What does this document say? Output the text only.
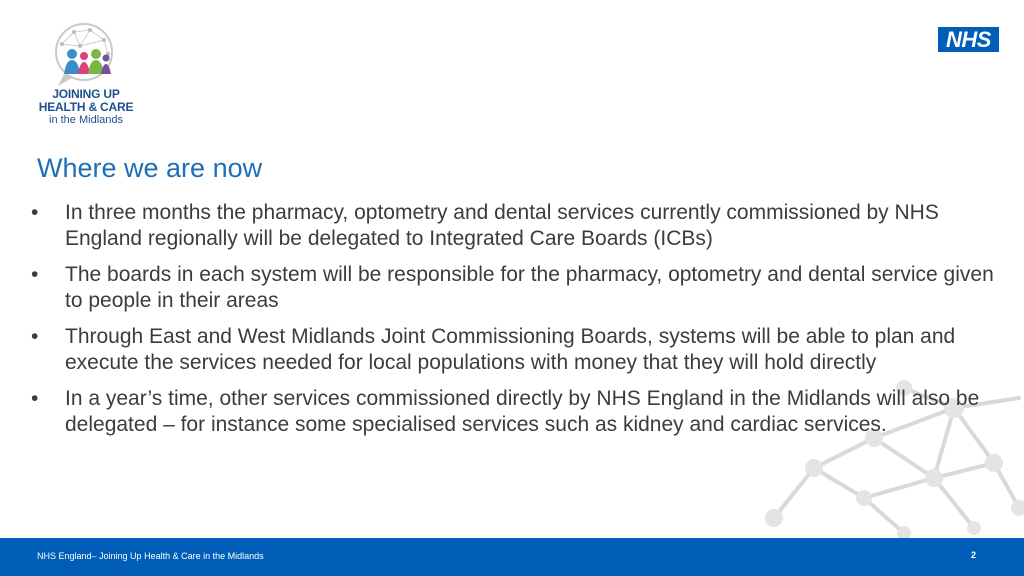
JOINING UP
HEALTH & CARE
in the Midlands
NHS
Where we are now
• In three months the pharmacy, optometry and dental services currently commissioned by NHS England regionally will be delegated to Integrated Care Boards (ICBs)
• The boards in each system will be responsible for the pharmacy, optometry and dental service given to people in their areas
• Through East and West Midlands Joint Commissioning Boards, systems will be able to plan and execute the services needed for local populations with money that they will hold directly
• In a year’s time, other services commissioned directly by NHS England in the Midlands will also be delegated – for instance some specialised services such as kidney and cardiac services.
NHS England– Joining Up Health & Care in the Midlands	2
